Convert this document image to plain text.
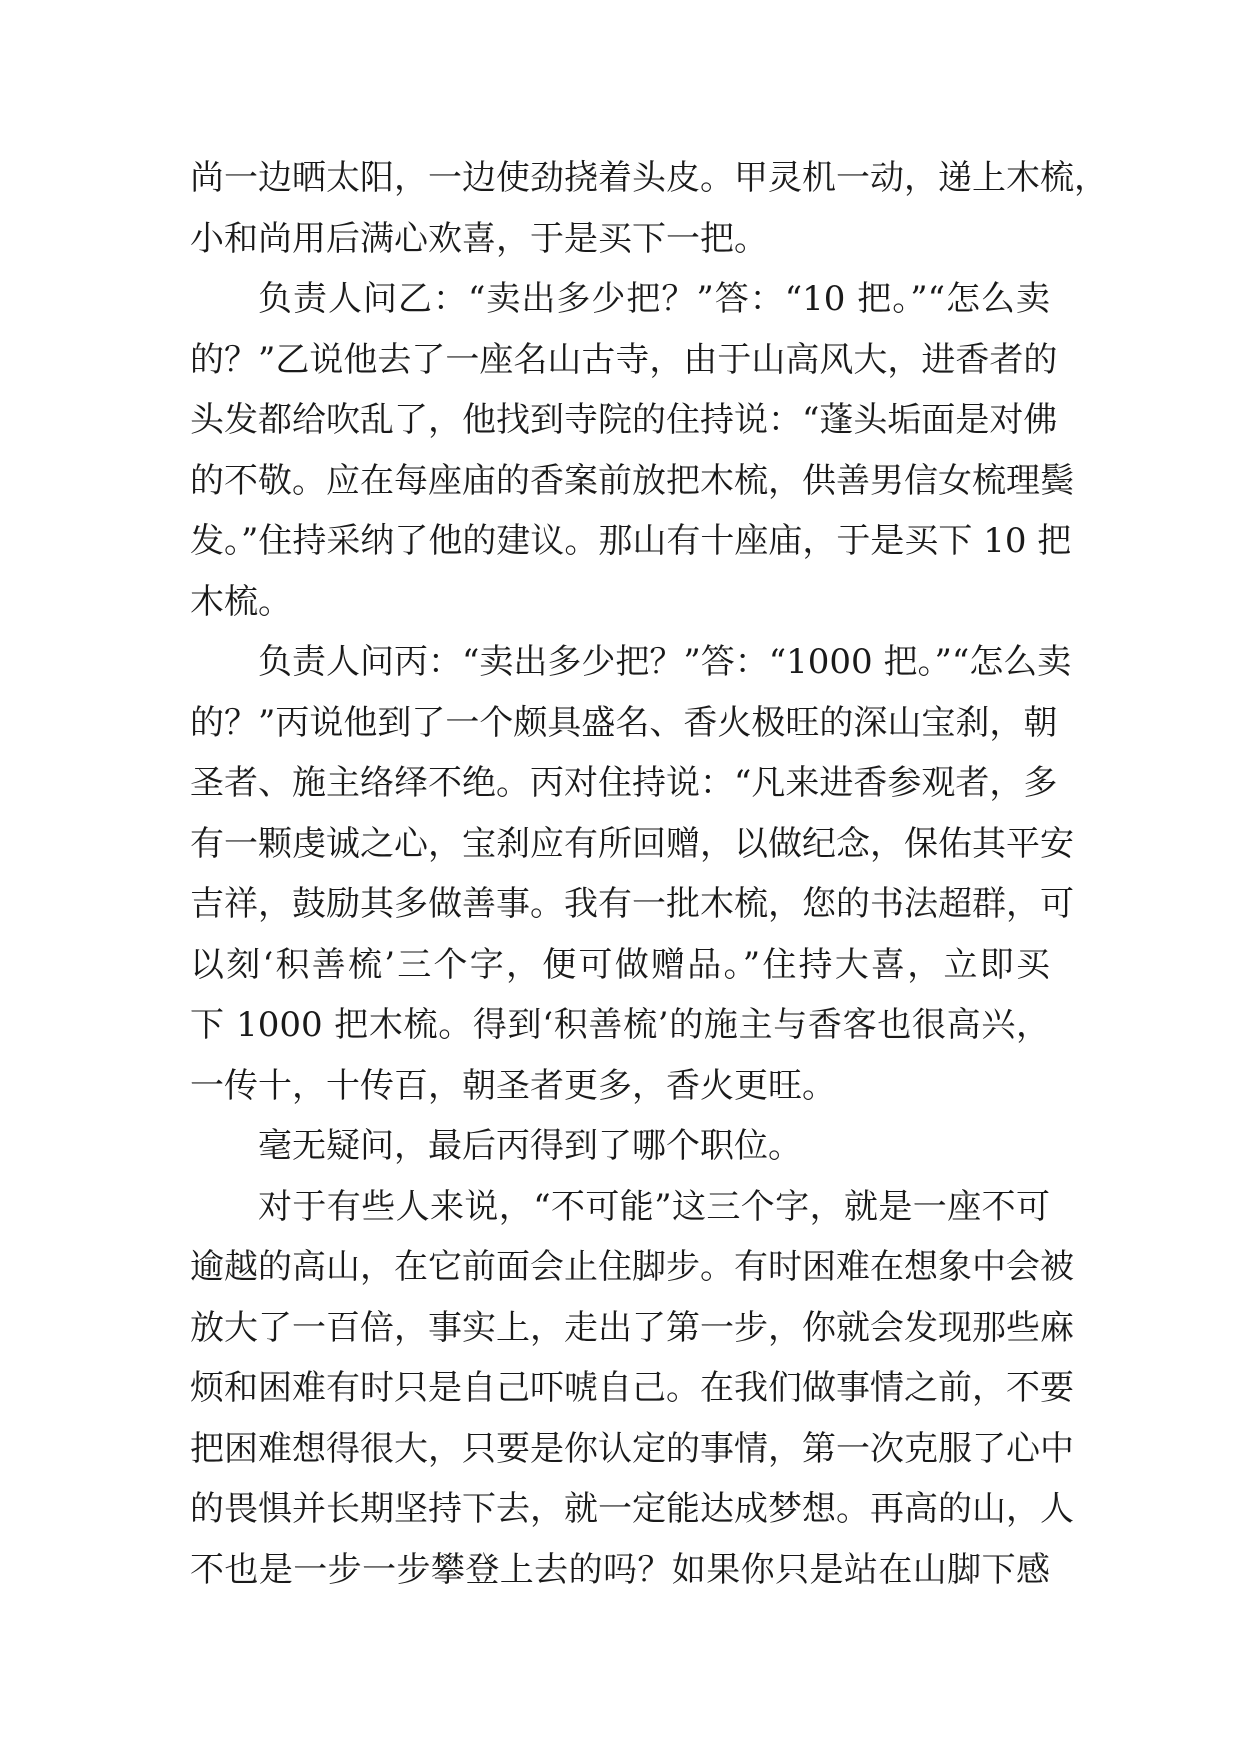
尚一边晒太阳，一边使劲挠着头皮。甲灵机一动，递上木梳，
小和尚用后满心欢喜，于是买下一把。
负责人问乙：“卖出多少把？”答：“10 把。”“怎么卖
的？”乙说他去了一座名山古寺，由于山高风大，进香者的
头发都给吹乱了，他找到寺院的住持说：“蓬头垢面是对佛
的不敬。应在每座庙的香案前放把木梳，供善男信女梳理鬓
发。”住持采纳了他的建议。那山有十座庙，于是买下 10 把
木梳。
负责人问丙：“卖出多少把？”答：“1000 把。”“怎么卖
的？”丙说他到了一个颇具盛名、香火极旺的深山宝刹，朝
圣者、施主络绎不绝。丙对住持说：“凡来进香参观者，多
有一颗虔诚之心，宝刹应有所回赠，以做纪念，保佑其平安
吉祥，鼓励其多做善事。我有一批木梳，您的书法超群，可
以刻‘积善梳’三个字，便可做赠品。”住持大喜，立即买
下 1000 把木梳。得到‘积善梳’的施主与香客也很高兴，
一传十，十传百，朝圣者更多，香火更旺。
毫无疑问，最后丙得到了哪个职位。
对于有些人来说，“不可能”这三个字，就是一座不可
逾越的高山，在它前面会止住脚步。有时困难在想象中会被
放大了一百倍，事实上，走出了第一步，你就会发现那些麻
烦和困难有时只是自己吓唬自己。在我们做事情之前，不要
把困难想得很大，只要是你认定的事情，第一次克服了心中
的畏惧并长期坚持下去，就一定能达成梦想。再高的山，人
不也是一步一步攀登上去的吗？如果你只是站在山脚下感
